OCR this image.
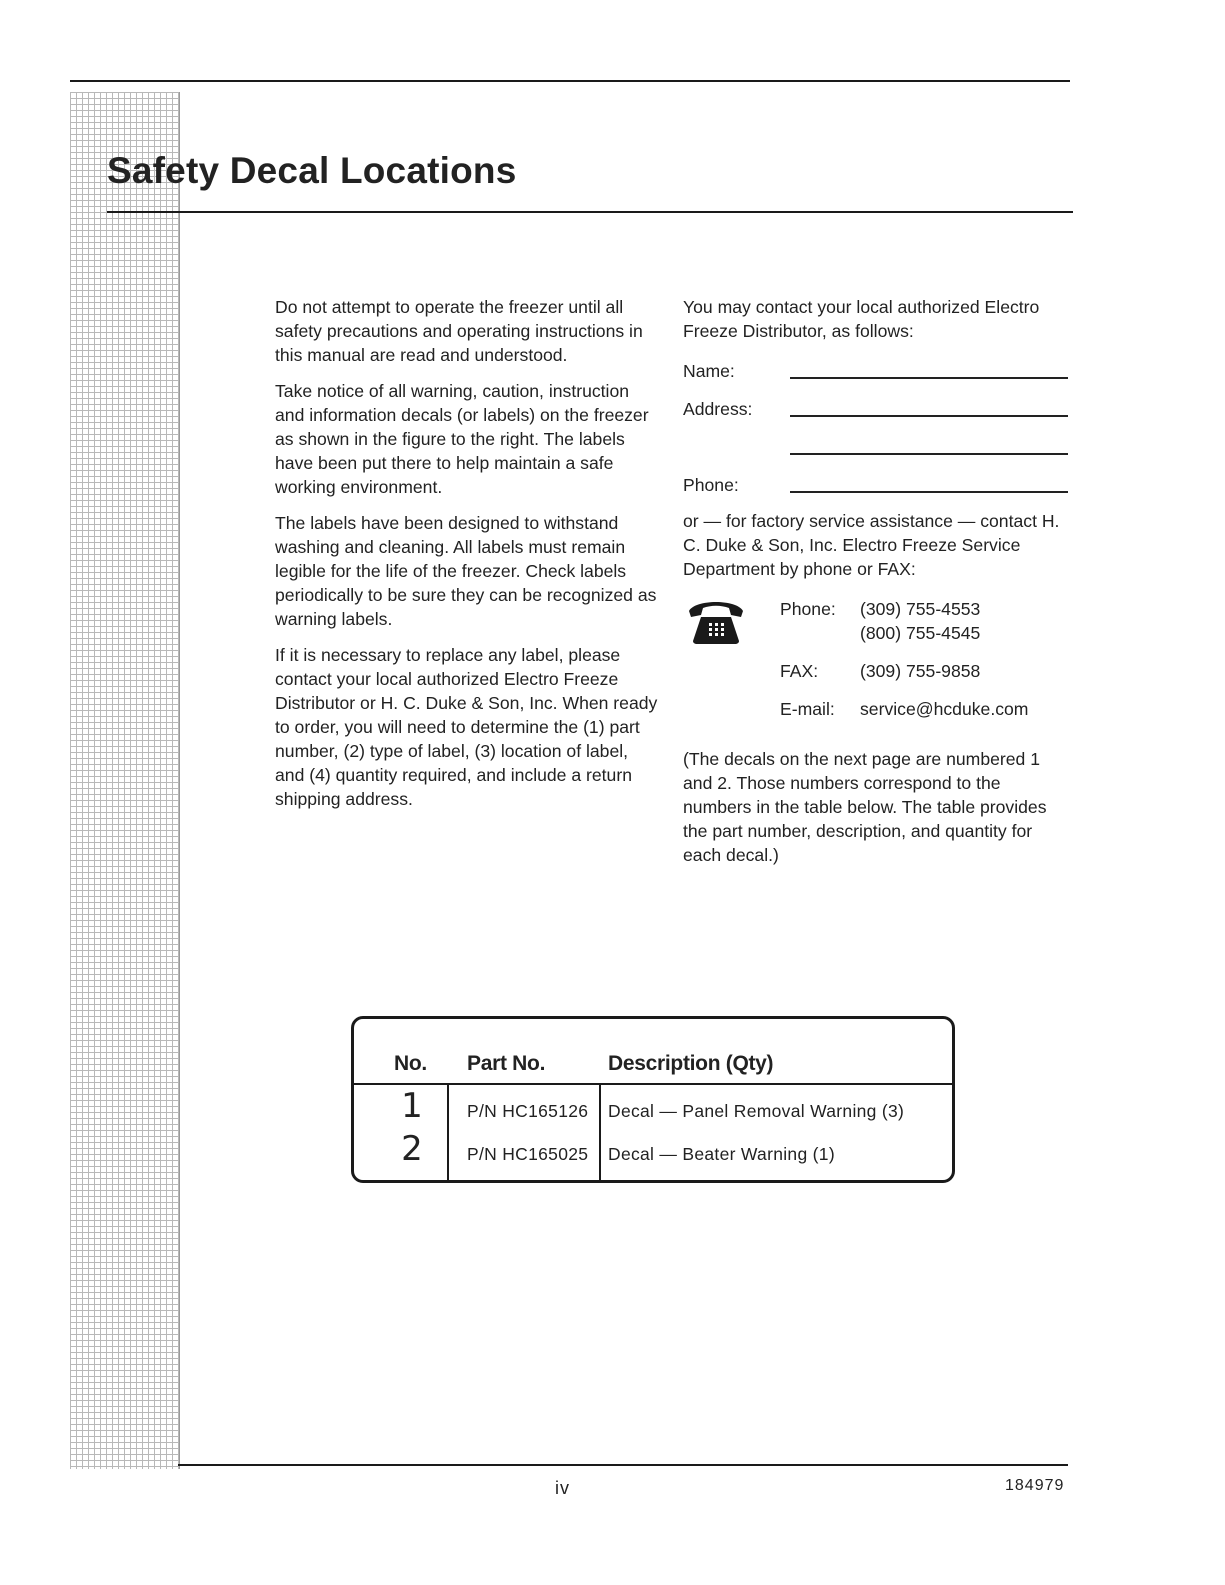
Safety Decal Locations

Do not attempt to operate the freezer until all safety precautions and operating instructions in this manual are read and understood.

Take notice of all warning, caution, instruction and information decals (or labels) on the freezer as shown in the figure to the right. The labels have been put there to help maintain a safe working environment.

The labels have been designed to withstand washing and cleaning. All labels must remain legible for the life of the freezer. Check labels periodically to be sure they can be recognized as warning labels.

If it is necessary to replace any label, please contact your local authorized Electro Freeze Distributor or H. C. Duke & Son, Inc. When ready to order, you will need to determine the (1) part number, (2) type of label, (3) location of label, and (4) quantity required, and include a return shipping address.

You may contact your local authorized Electro Freeze Distributor, as follows:

Name:
Address:
Phone:

or — for factory service assistance — contact H. C. Duke & Son, Inc. Electro Freeze Service Department by phone or FAX:

Phone: (309) 755-4553
(800) 755-4545
FAX: (309) 755-9858
E-mail: service@hcduke.com

(The decals on the next page are numbered 1 and 2. Those numbers correspond to the numbers in the table below. The table provides the part number, description, and quantity for each decal.)

No. Part No.	Description (Qty)
1	P/N HC165126 Decal — Panel Removal Warning (3)
2	P/N HC165025 Decal — Beater Warning (1)
iv	184979
